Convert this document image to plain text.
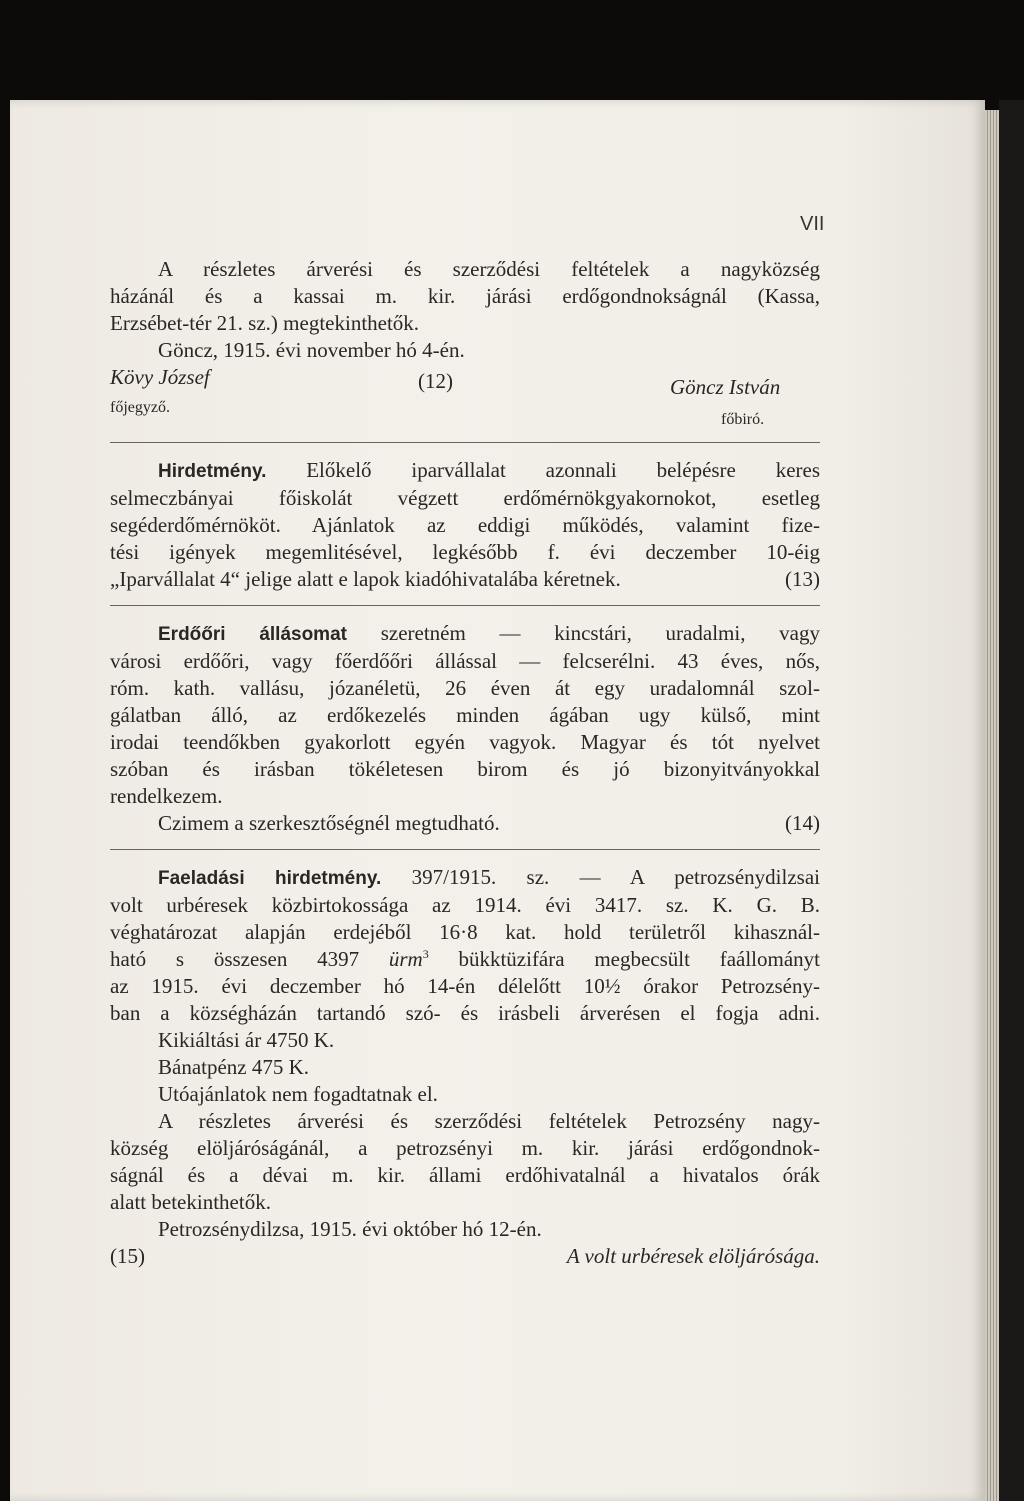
VII
A részletes árverési és szerződési feltételek a nagyközség
házánál és a kassai m. kir. járási erdőgondnokságnál (Kassa,
Erzsébet-tér 21. sz.) megtekinthetők.
Göncz, 1915. évi november hó 4-én.
Kövy József
főjegyző.
(12)	Göncz István
főbiró.
Hirdetmény. Előkelő iparvállalat azonnali belépésre keres
selmeczbányai főiskolát végzett erdőmérnökgyakornokot, esetleg
segéderdőmérnököt. Ajánlatok az eddigi működés, valamint fize-
tési igények megemlitésével, legkésőbb f. évi deczember 10-éig
„Iparvállalat 4“ jelige alatt e lapok kiadóhivatalába kéretnek.	(13)
Erdőőri állásomat szeretném — kincstári, uradalmi, vagy
városi erdőőri, vagy főerdőőri állással — felcserélni. 43 éves, nős,
róm. kath. vallásu, józanéletü, 26 éven át egy uradalomnál szol-
gálatban álló, az erdőkezelés minden ágában ugy külső, mint
irodai teendőkben gyakorlott egyén vagyok. Magyar és tót nyelvet
szóban és irásban tökéletesen birom és jó bizonyitványokkal
rendelkezem.
Czimem a szerkesztőségnél megtudható.	(14)
Faeladási hirdetmény. 397/1915. sz. — A petrozsénydilzsai
volt urbéresek közbirtokossága az 1914. évi 3417. sz. K. G. B.
véghatározat alapján erdejéből 16·8 kat. hold területről kihasznál-
ható s összesen 4397 ürm$^3$ bükktüzifára megbecsült faállományt
az 1915. évi deczember hó 14-én délelőtt 10½ órakor Petrozsény-
ban a községházán tartandó szó- és irásbeli árverésen el fogja adni.
Kikiáltási ár 4750 K.
Bánatpénz 475 K.
Utóajánlatok nem fogadtatnak el.
A részletes árverési és szerződési feltételek Petrozsény nagy-
község elöljáróságánál, a petrozsényi m. kir. járási erdőgondnok-
ságnál és a dévai m. kir. állami erdőhivatalnál a hivatalos órák
alatt betekinthetők.
Petrozsénydilzsa, 1915. évi október hó 12-én.
(15)	A volt urbéresek elöljárósága.
